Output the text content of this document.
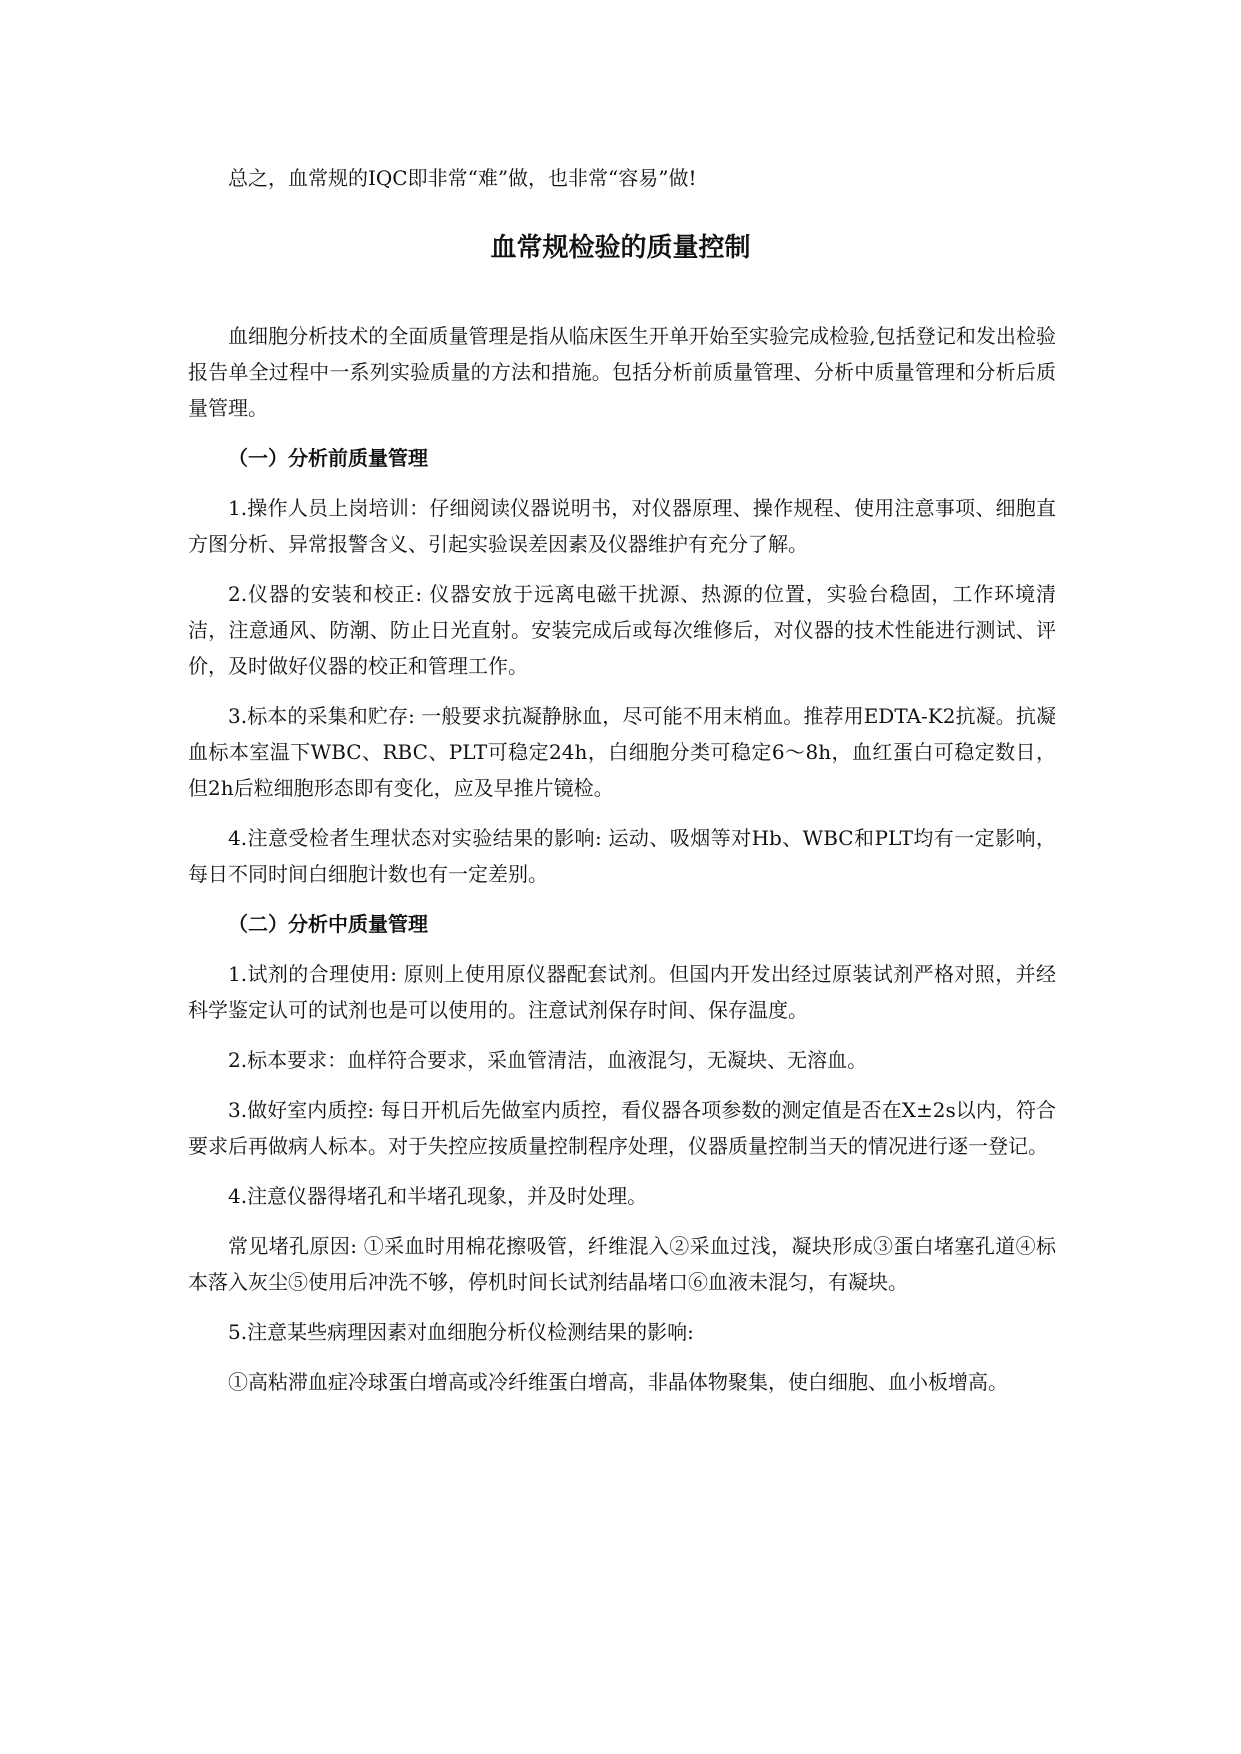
总之，血常规的IQC即非常“难”做，也非常“容易”做!

血常规检验的质量控制

血细胞分析技术的全面质量管理是指从临床医生开单开始至实验完成检验,包括登记和发出检验报告单全过程中一系列实验质量的方法和措施。包括分析前质量管理、分析中质量管理和分析后质量管理。

（一）分析前质量管理

1.操作人员上岗培训：仔细阅读仪器说明书，对仪器原理、操作规程、使用注意事项、细胞直方图分析、异常报警含义、引起实验误差因素及仪器维护有充分了解。

2.仪器的安装和校正: 仪器安放于远离电磁干扰源、热源的位置，实验台稳固，工作环境清洁，注意通风、防潮、防止日光直射。安装完成后或每次维修后，对仪器的技术性能进行测试、评价，及时做好仪器的校正和管理工作。

3.标本的采集和贮存: 一般要求抗凝静脉血，尽可能不用末梢血。推荐用EDTA-K2抗凝。抗凝血标本室温下WBC、RBC、PLT可稳定24h，白细胞分类可稳定6～8h，血红蛋白可稳定数日，但2h后粒细胞形态即有变化，应及早推片镜检。

4.注意受检者生理状态对实验结果的影响: 运动、吸烟等对Hb、WBC和PLT均有一定影响，每日不同时间白细胞计数也有一定差别。

（二）分析中质量管理

1.试剂的合理使用: 原则上使用原仪器配套试剂。但国内开发出经过原装试剂严格对照，并经科学鉴定认可的试剂也是可以使用的。注意试剂保存时间、保存温度。

2.标本要求：血样符合要求，采血管清洁，血液混匀，无凝块、无溶血。

3.做好室内质控: 每日开机后先做室内质控，看仪器各项参数的测定值是否在X±2s以内，符合要求后再做病人标本。对于失控应按质量控制程序处理，仪器质量控制当天的情况进行逐一登记。

4.注意仪器得堵孔和半堵孔现象，并及时处理。

常见堵孔原因: ①采血时用棉花擦吸管，纤维混入②采血过浅，凝块形成③蛋白堵塞孔道④标本落入灰尘⑤使用后冲洗不够，停机时间长试剂结晶堵口⑥血液未混匀，有凝块。

5.注意某些病理因素对血细胞分析仪检测结果的影响:

①高粘滞血症冷球蛋白增高或冷纤维蛋白增高，非晶体物聚集，使白细胞、血小板增高。
